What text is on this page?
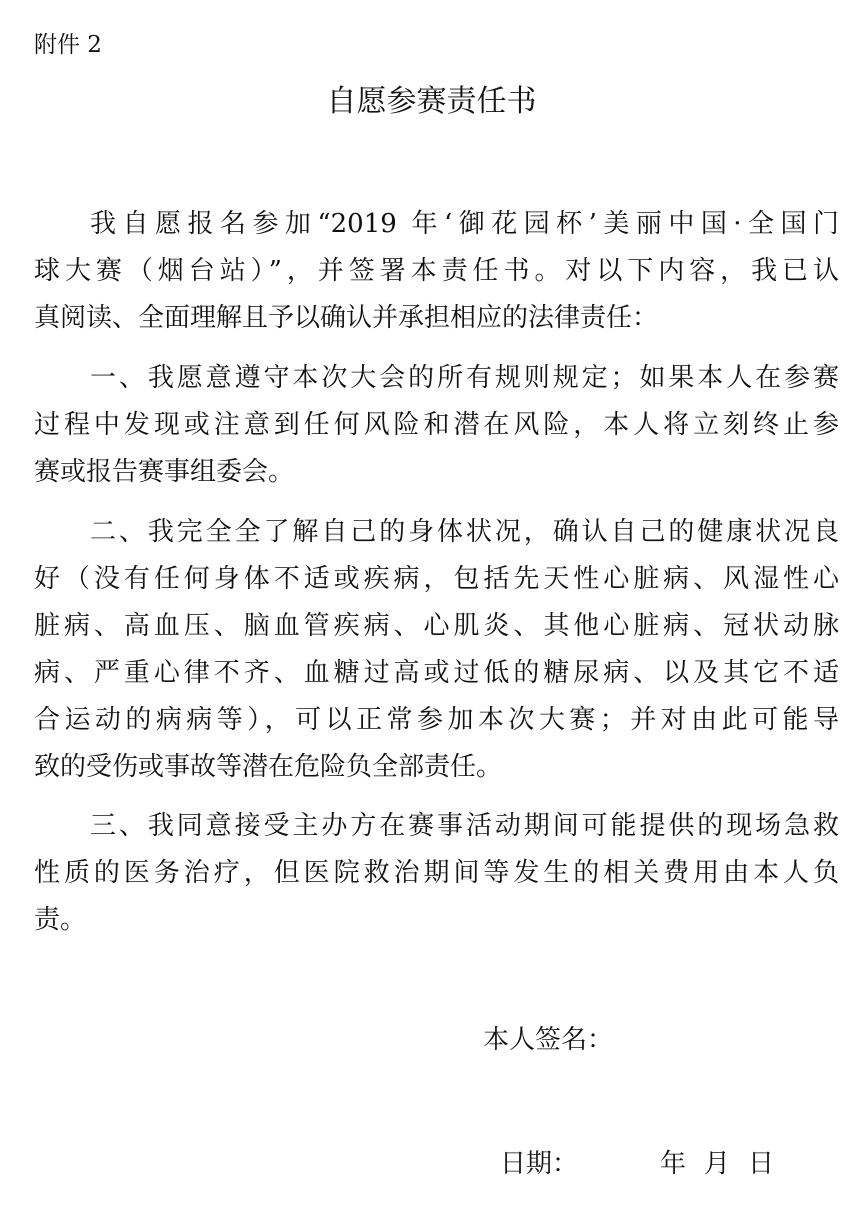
附件 2
自愿参赛责任书
我自愿报名参加“2019 年‘御花园杯’美丽中国·全国门
球大赛（烟台站）”，并签署本责任书。对以下内容，我已认
真阅读、全面理解且予以确认并承担相应的法律责任：
一、我愿意遵守本次大会的所有规则规定；如果本人在参赛
过程中发现或注意到任何风险和潜在风险，本人将立刻终止参
赛或报告赛事组委会。
二、我完全全了解自己的身体状况，确认自己的健康状况良
好（没有任何身体不适或疾病，包括先天性心脏病、风湿性心
脏病、高血压、脑血管疾病、心肌炎、其他心脏病、冠状动脉
病、严重心律不齐、血糖过高或过低的糖尿病、以及其它不适
合运动的病病等），可以正常参加本次大赛；并对由此可能导
致的受伤或事故等潜在危险负全部责任。
三、我同意接受主办方在赛事活动期间可能提供的现场急救
性质的医务治疗，但医院救治期间等发生的相关费用由本人负
责。
本人签名：
日期：	年 月 日
